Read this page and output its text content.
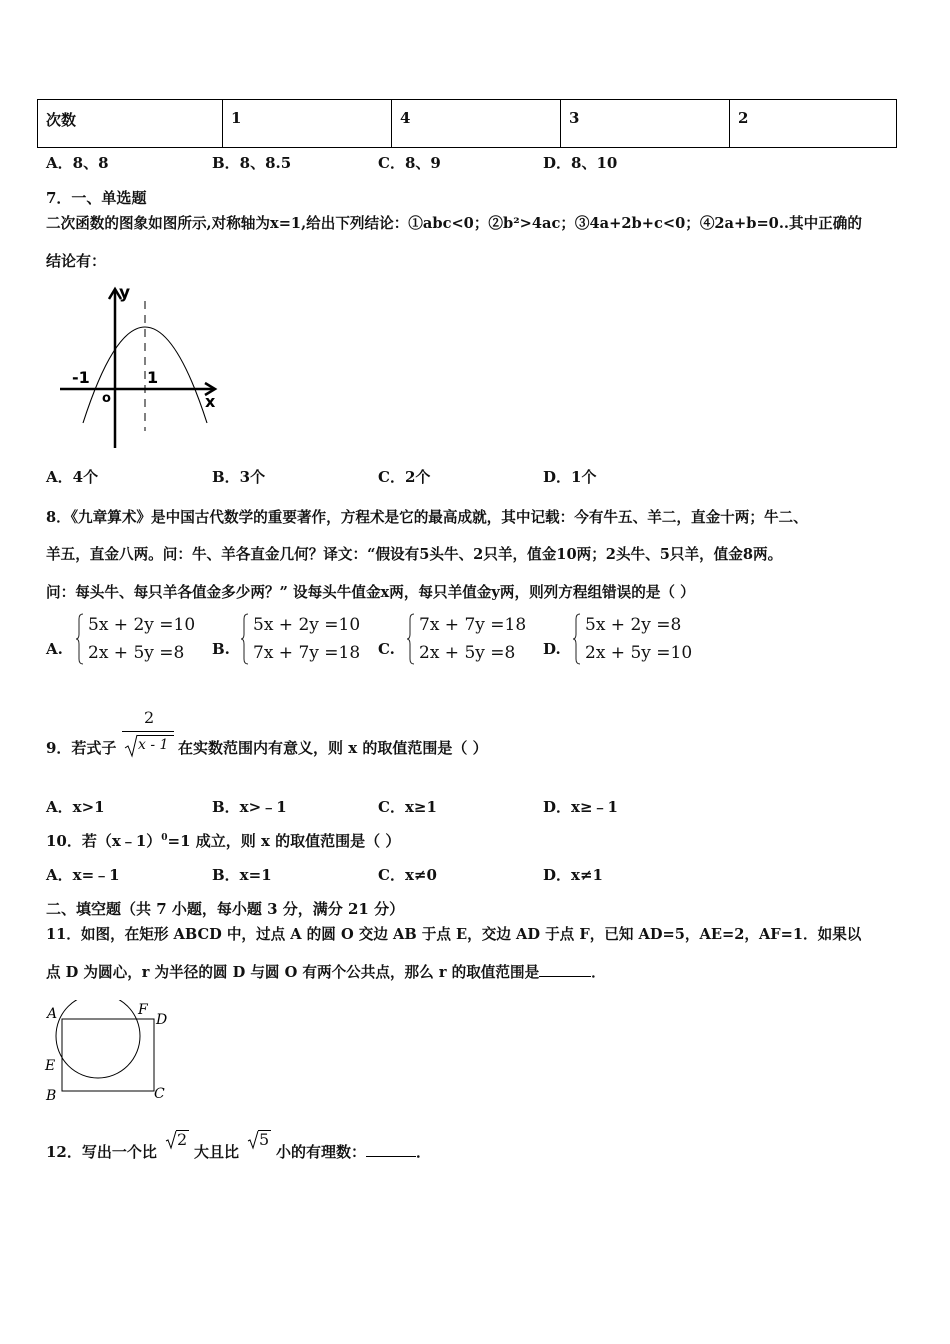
次数	1	4	3	2
A．8、8	B．8、8.5	C．8、9	D．8、10
7．一、单选题
二次函数的图象如图所示,对称轴为x=1,给出下列结论：①abc<0；②b²>4ac；③4a+2b+c<0；④2a+b=0..其中正确的
结论有：
y
x
-1	1
o
A．4个	B．3个	C．2个	D．1个
8．《九章算术》是中国古代数学的重要著作，方程术是它的最高成就，其中记载：今有牛五、羊二，直金十两；牛二、
羊五，直金八两。问：牛、羊各直金几何？译文：“假设有5头牛、2只羊，值金10两；2头牛、5只羊，值金8两。
问：每头牛、每只羊各值金多少两？” 设每头牛值金x两，每只羊值金y两，则列方程组错误的是（ ）
A.
5x + 2y =10
2x + 5y =8 B.
5x + 2y =10
7x + 7y =18 C.
7x + 7y =18
2x + 5y =8 D.
5x + 2y =8
2x + 5y =10
9．若式子
2
x - 1 在实数范围内有意义，则 x 的取值范围是（ ）
A．x>1	B．x>﹣1	C．x≥1	D．x≥﹣1
10．若（x﹣1）$^0$=1 成立，则 x 的取值范围是（ ）
A．x=﹣1	B．x=1	C．x≠0	D．x≠1
二、填空题（共 7 小题，每小题 3 分，满分 21 分）
11．如图，在矩形 ABCD 中，过点 A 的圆 O 交边 AB 于点 E，交边 AD 于点 F，已知 AD=5，AE=2，AF=1．如果以
点 D 为圆心，r 为半径的圆 D 与圆 O 有两个公共点，那么 r 的取值范围是	．
A	F
D
E
B	C
12．写出一个比
2
大且比
5
小的有理数：	．
